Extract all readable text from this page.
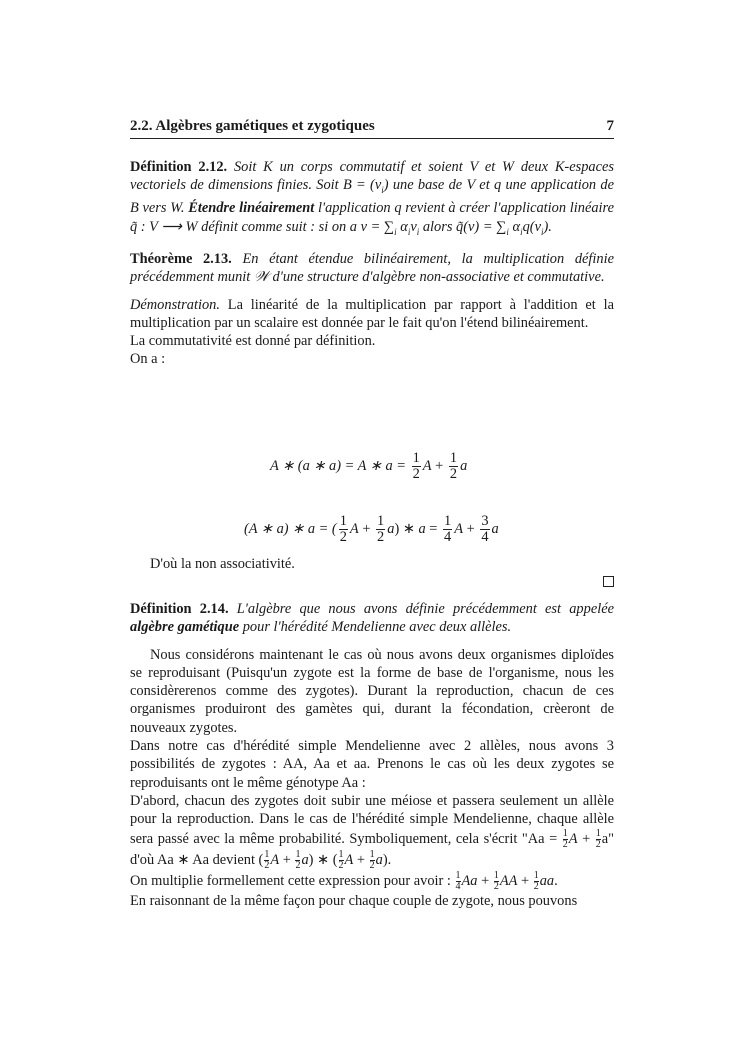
2.2. Algèbres gamétiques et zygotiques	7

Définition 2.12. Soit K un corps commutatif et soient V et W deux K-espaces vectoriels de dimensions finies. Soit $B = (v_i)$ une base de V et q une application de B vers W. Étendre linéairement l'application q revient à créer l'application linéaire q̃ : V ⟶ W définit comme suit : si on a $v = \sum_i$ $\alpha_iv_i$ alors q̃(v) = $\sum_i$ $\alpha_iq(v_i)$.

Théorème 2.13. En étant étendue bilinéairement, la multiplication définie précédemment munit 𝒲 d'une structure d'algèbre non-associative et commutative.

Démonstration. La linéarité de la multiplication par rapport à l'addition et la multiplication par un scalaire est donnée par le fait qu'on l'étend bilinéairement.
La commutativité est donné par définition.
On a :

A ∗ (a ∗ a) = A ∗ $a = \frac{1}{2}$ $A + \frac{1}{2}$ a
(A ∗ a) ∗ a = ( $\frac{1}{2}$ $A + \frac{1}{2} a$) ∗ $a = \frac{1}{4}$ $A + \frac{3}{4}$ a
D'où la non associativité.

Définition 2.14. L'algèbre que nous avons définie précédemment est appelée algèbre gamétique pour l'hérédité Mendelienne avec deux allèles.

Nous considérons maintenant le cas où nous avons deux organismes diploïdes se reproduisant (Puisqu'un zygote est la forme de base de l'organisme, nous les considèrerenos comme des zygotes). Durant la reproduction, chacun de ces organismes produiront des gamètes qui, durant la fécondation, crèeront de nouveaux zygotes.

Dans notre cas d'hérédité simple Mendelienne avec 2 allèles, nous avons 3 possibilités de zygotes : AA, Aa et aa. Prenons le cas où les deux zygotes se reproduisants ont le même génotype Aa :

D'abord, chacun des zygotes doit subir une méiose et passera seulement un allèle pour la reproduction. Dans le cas de l'hérédité simple Mendelienne, chaque allèle sera passé avec la même probabilité. Symboliquement, cela s'écrit "$Aa = \frac{1}{2}$ $A + \frac{1}{2} a$" d'où Aa ∗ Aa devient ( $\frac{1}{2}$ $A + \frac{1}{2} a$) ∗ ( $\frac{1}{2}$ $A + \frac{1}{2} a$).

On multiplie formellement cette expression pour avoir : $\frac{1}{4}$ $Aa + \frac{1}{2}$ AA + $\frac{1}{2}$ aa.

En raisonnant de la même façon pour chaque couple de zygote, nous pouvons
